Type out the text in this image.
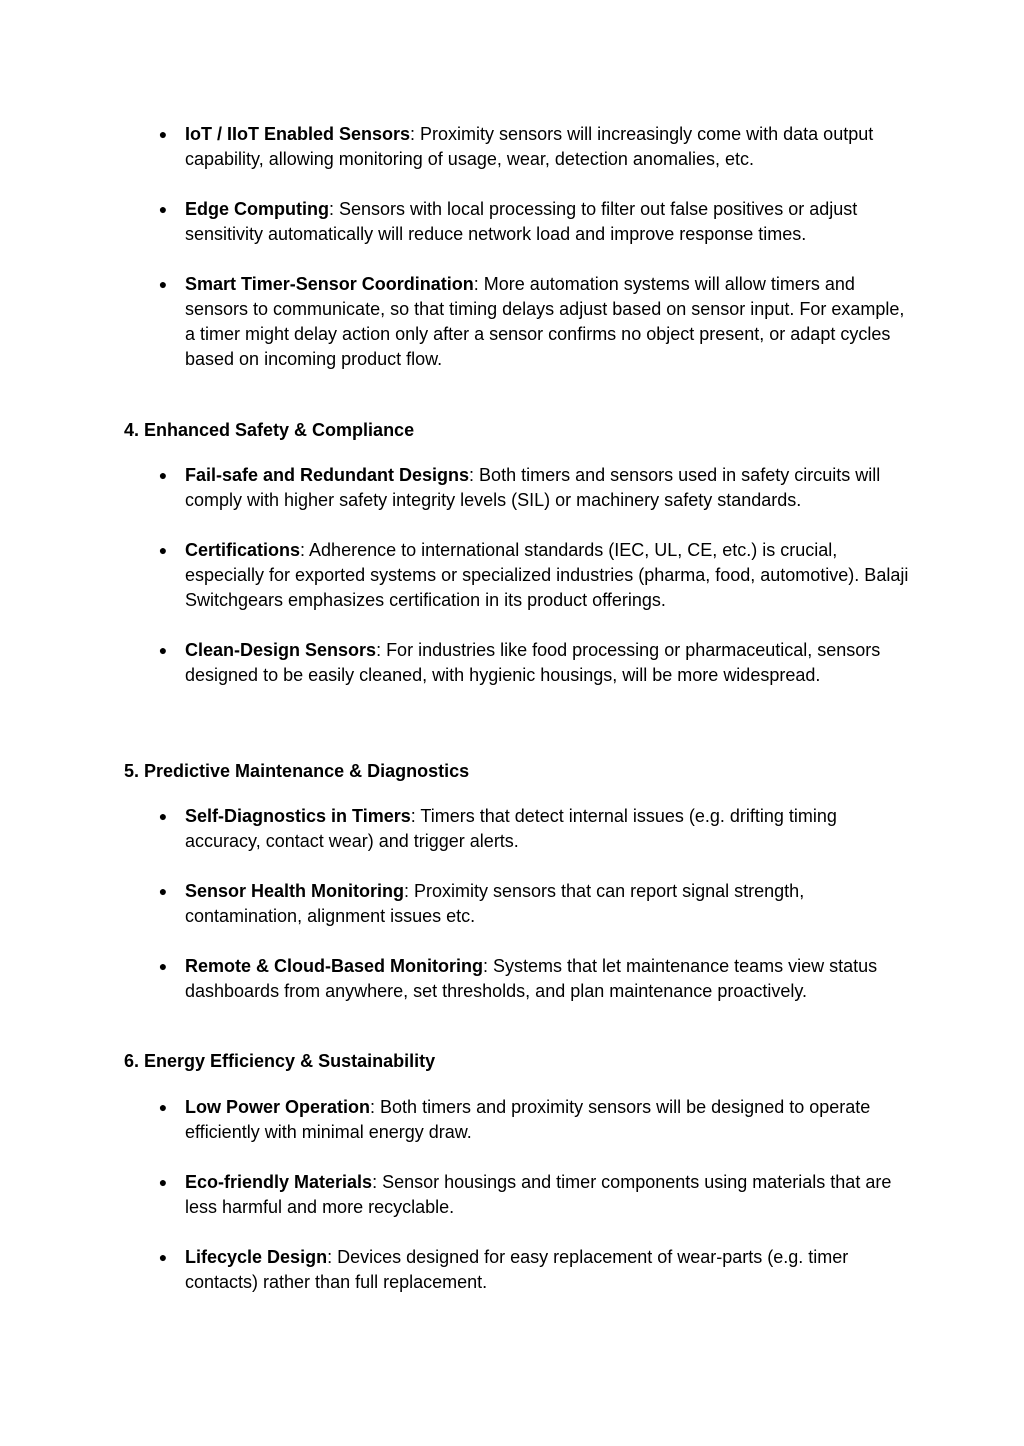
● IoT / IIoT Enabled Sensors: Proximity sensors will increasingly come with data output capability, allowing monitoring of usage, wear, detection anomalies, etc.
● Edge Computing: Sensors with local processing to filter out false positives or adjust sensitivity automatically will reduce network load and improve response times.
● Smart Timer-Sensor Coordination: More automation systems will allow timers and sensors to communicate, so that timing delays adjust based on sensor input. For example, a timer might delay action only after a sensor confirms no object present, or adapt cycles based on incoming product flow.
4. Enhanced Safety & Compliance
● Fail-safe and Redundant Designs: Both timers and sensors used in safety circuits will comply with higher safety integrity levels (SIL) or machinery safety standards.
● Certifications: Adherence to international standards (IEC, UL, CE, etc.) is crucial, especially for exported systems or specialized industries (pharma, food, automotive). Balaji Switchgears emphasizes certification in its product offerings.
● Clean-Design Sensors: For industries like food processing or pharmaceutical, sensors designed to be easily cleaned, with hygienic housings, will be more widespread.
5. Predictive Maintenance & Diagnostics
● Self-Diagnostics in Timers: Timers that detect internal issues (e.g. drifting timing accuracy, contact wear) and trigger alerts.
● Sensor Health Monitoring: Proximity sensors that can report signal strength, contamination, alignment issues etc.
● Remote & Cloud-Based Monitoring: Systems that let maintenance teams view status dashboards from anywhere, set thresholds, and plan maintenance proactively.
6. Energy Efficiency & Sustainability
● Low Power Operation: Both timers and proximity sensors will be designed to operate efficiently with minimal energy draw.
● Eco-friendly Materials: Sensor housings and timer components using materials that are less harmful and more recyclable.
● Lifecycle Design: Devices designed for easy replacement of wear-parts (e.g. timer contacts) rather than full replacement.
